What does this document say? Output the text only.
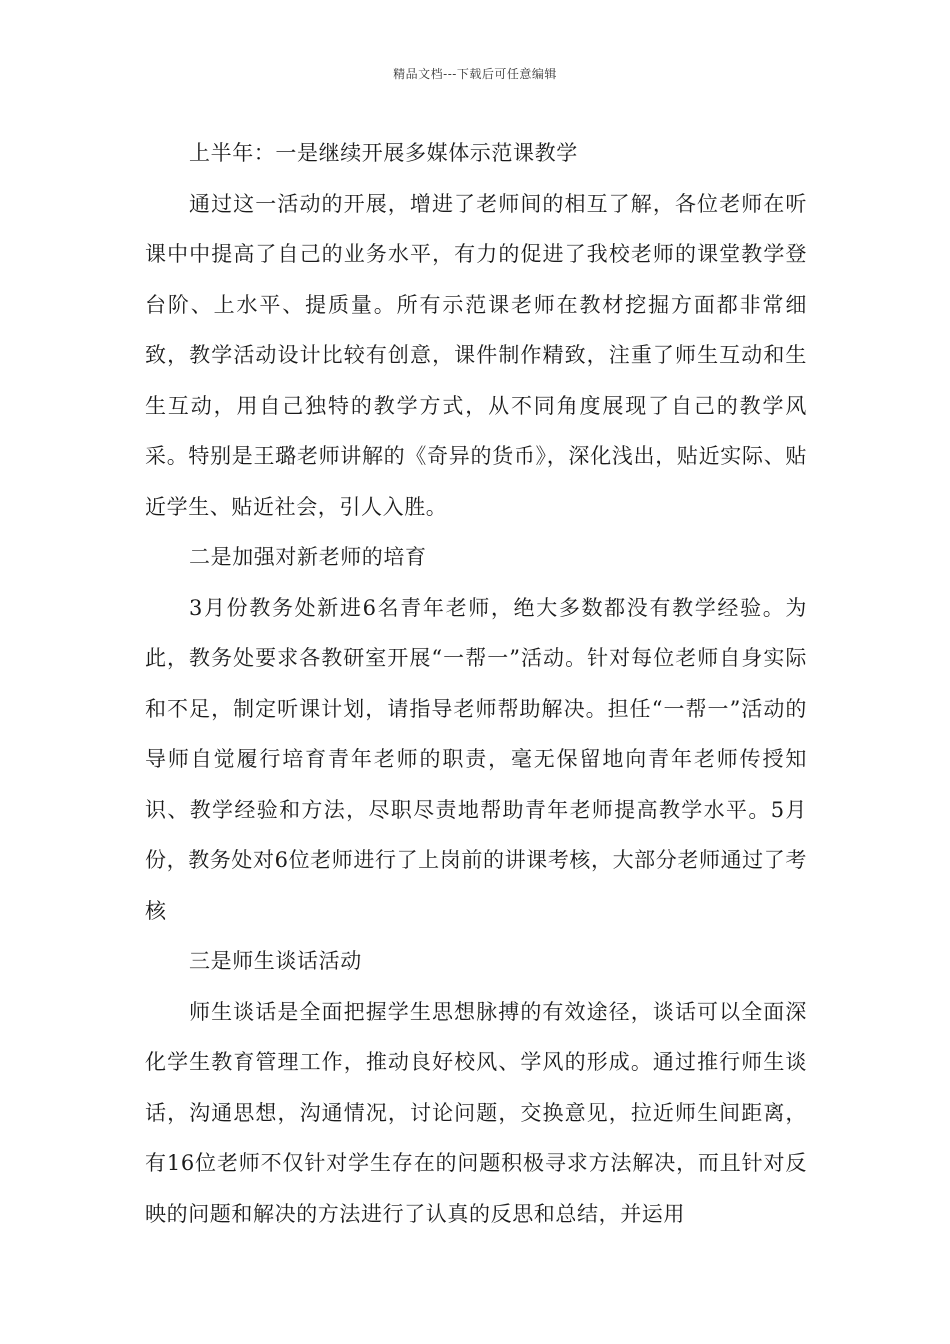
精品文档---下载后可任意编辑

上半年：一是继续开展多媒体示范课教学

通过这一活动的开展，增进了老师间的相互了解，各位老师在听课中中提高了自己的业务水平，有力的促进了我校老师的课堂教学登台阶、上水平、提质量。所有示范课老师在教材挖掘方面都非常细致，教学活动设计比较有创意，课件制作精致，注重了师生互动和生生互动，用自己独特的教学方式，从不同角度展现了自己的教学风采。特别是王璐老师讲解的《奇异的货币》，深化浅出，贴近实际、贴近学生、贴近社会，引人入胜。

二是加强对新老师的培育

3月份教务处新进6名青年老师，绝大多数都没有教学经验。为此，教务处要求各教研室开展“一帮一”活动。针对每位老师自身实际和不足，制定听课计划，请指导老师帮助解决。担任“一帮一”活动的导师自觉履行培育青年老师的职责，毫无保留地向青年老师传授知识、教学经验和方法，尽职尽责地帮助青年老师提高教学水平。5月份，教务处对6位老师进行了上岗前的讲课考核，大部分老师通过了考核

三是师生谈话活动

师生谈话是全面把握学生思想脉搏的有效途径，谈话可以全面深化学生教育管理工作，推动良好校风、学风的形成。通过推行师生谈话，沟通思想，沟通情况，讨论问题，交换意见，拉近师生间距离，有16位老师不仅针对学生存在的问题积极寻求方法解决，而且针对反映的问题和解决的方法进行了认真的反思和总结，并运用
